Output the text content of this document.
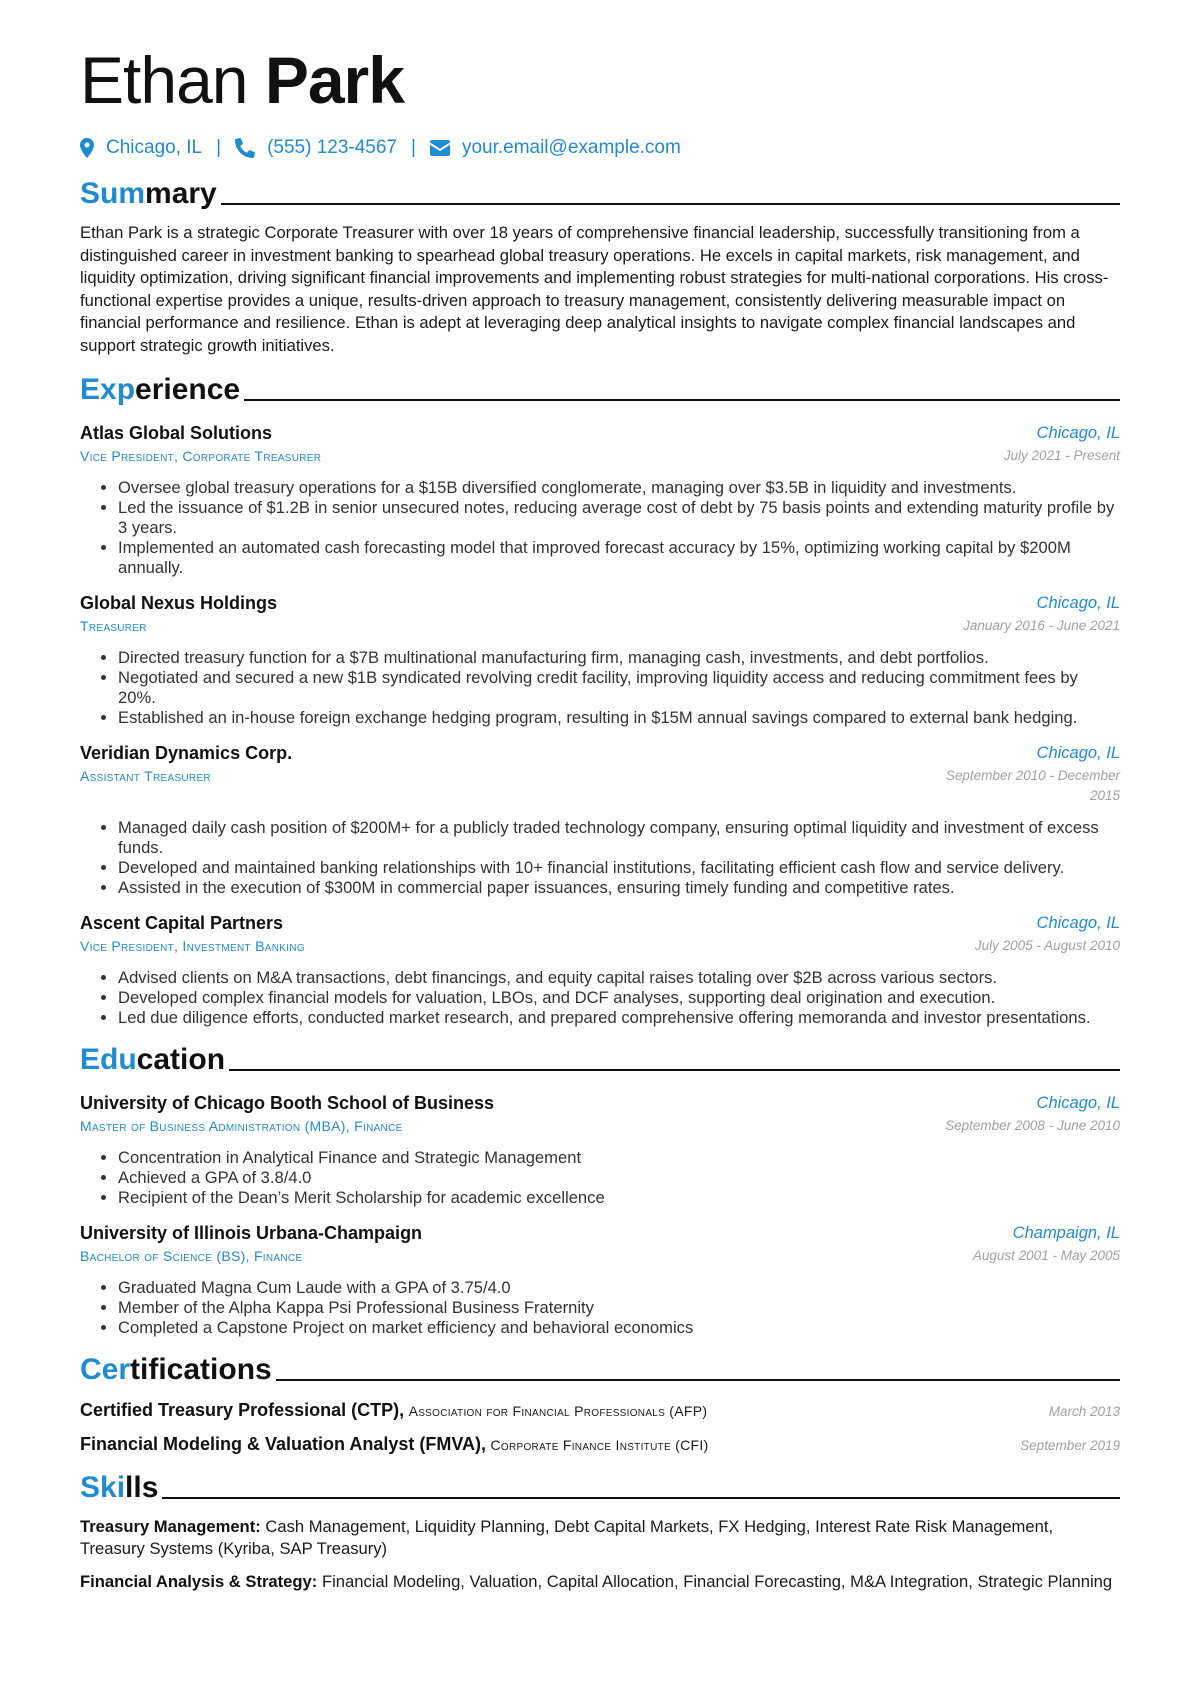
Ethan Park
Chicago, IL | (555) 123-4567 | your.email@example.com
Summary

Ethan Park is a strategic Corporate Treasurer with over 18 years of comprehensive financial leadership, successfully transitioning from a distinguished career in investment banking to spearhead global treasury operations. He excels in capital markets, risk management, and liquidity optimization, driving significant financial improvements and implementing robust strategies for multi-national corporations. His cross-functional expertise provides a unique, results-driven approach to treasury management, consistently delivering measurable impact on financial performance and resilience. Ethan is adept at leveraging deep analytical insights to navigate complex financial landscapes and support strategic growth initiatives.

Experience
Atlas Global Solutions	Chicago, IL
Vice President, Corporate Treasurer	July 2021 - Present
• Oversee global treasury operations for a $15B diversified conglomerate, managing over $3.5B in liquidity and investments.
• Led the issuance of $1.2B in senior unsecured notes, reducing average cost of debt by 75 basis points and extending maturity profile by 3 years.
• Implemented an automated cash forecasting model that improved forecast accuracy by 15%, optimizing working capital by $200M annually.
Global Nexus Holdings	Chicago, IL
Treasurer	January 2016 - June 2021
• Directed treasury function for a $7B multinational manufacturing firm, managing cash, investments, and debt portfolios.
• Negotiated and secured a new $1B syndicated revolving credit facility, improving liquidity access and reducing commitment fees by 20%.
• Established an in-house foreign exchange hedging program, resulting in $15M annual savings compared to external bank hedging.
Veridian Dynamics Corp.	Chicago, IL
Assistant Treasurer	September 2010 - December 2015
• Managed daily cash position of $200M+ for a publicly traded technology company, ensuring optimal liquidity and investment of excess funds.
• Developed and maintained banking relationships with 10+ financial institutions, facilitating efficient cash flow and service delivery.
• Assisted in the execution of $300M in commercial paper issuances, ensuring timely funding and competitive rates.
Ascent Capital Partners	Chicago, IL
Vice President, Investment Banking	July 2005 - August 2010
• Advised clients on M&A transactions, debt financings, and equity capital raises totaling over $2B across various sectors.
• Developed complex financial models for valuation, LBOs, and DCF analyses, supporting deal origination and execution.
• Led due diligence efforts, conducted market research, and prepared comprehensive offering memoranda and investor presentations.
Education
University of Chicago Booth School of Business	Chicago, IL
Master of Business Administration (MBA), Finance	September 2008 - June 2010
• Concentration in Analytical Finance and Strategic Management
• Achieved a GPA of 3.8/4.0
• Recipient of the Dean’s Merit Scholarship for academic excellence
University of Illinois Urbana-Champaign	Champaign, IL
Bachelor of Science (BS), Finance	August 2001 - May 2005
• Graduated Magna Cum Laude with a GPA of 3.75/4.0
• Member of the Alpha Kappa Psi Professional Business Fraternity
• Completed a Capstone Project on market efficiency and behavioral economics
Certifications
Certified Treasury Professional (CTP), Association for Financial Professionals (AFP)	March 2013
Financial Modeling & Valuation Analyst (FMVA), Corporate Finance Institute (CFI)	September 2019
Skills
Treasury Management: Cash Management, Liquidity Planning, Debt Capital Markets, FX Hedging, Interest Rate Risk Management, Treasury Systems (Kyriba, SAP Treasury)
Financial Analysis & Strategy: Financial Modeling, Valuation, Capital Allocation, Financial Forecasting, M&A Integration, Strategic Planning
